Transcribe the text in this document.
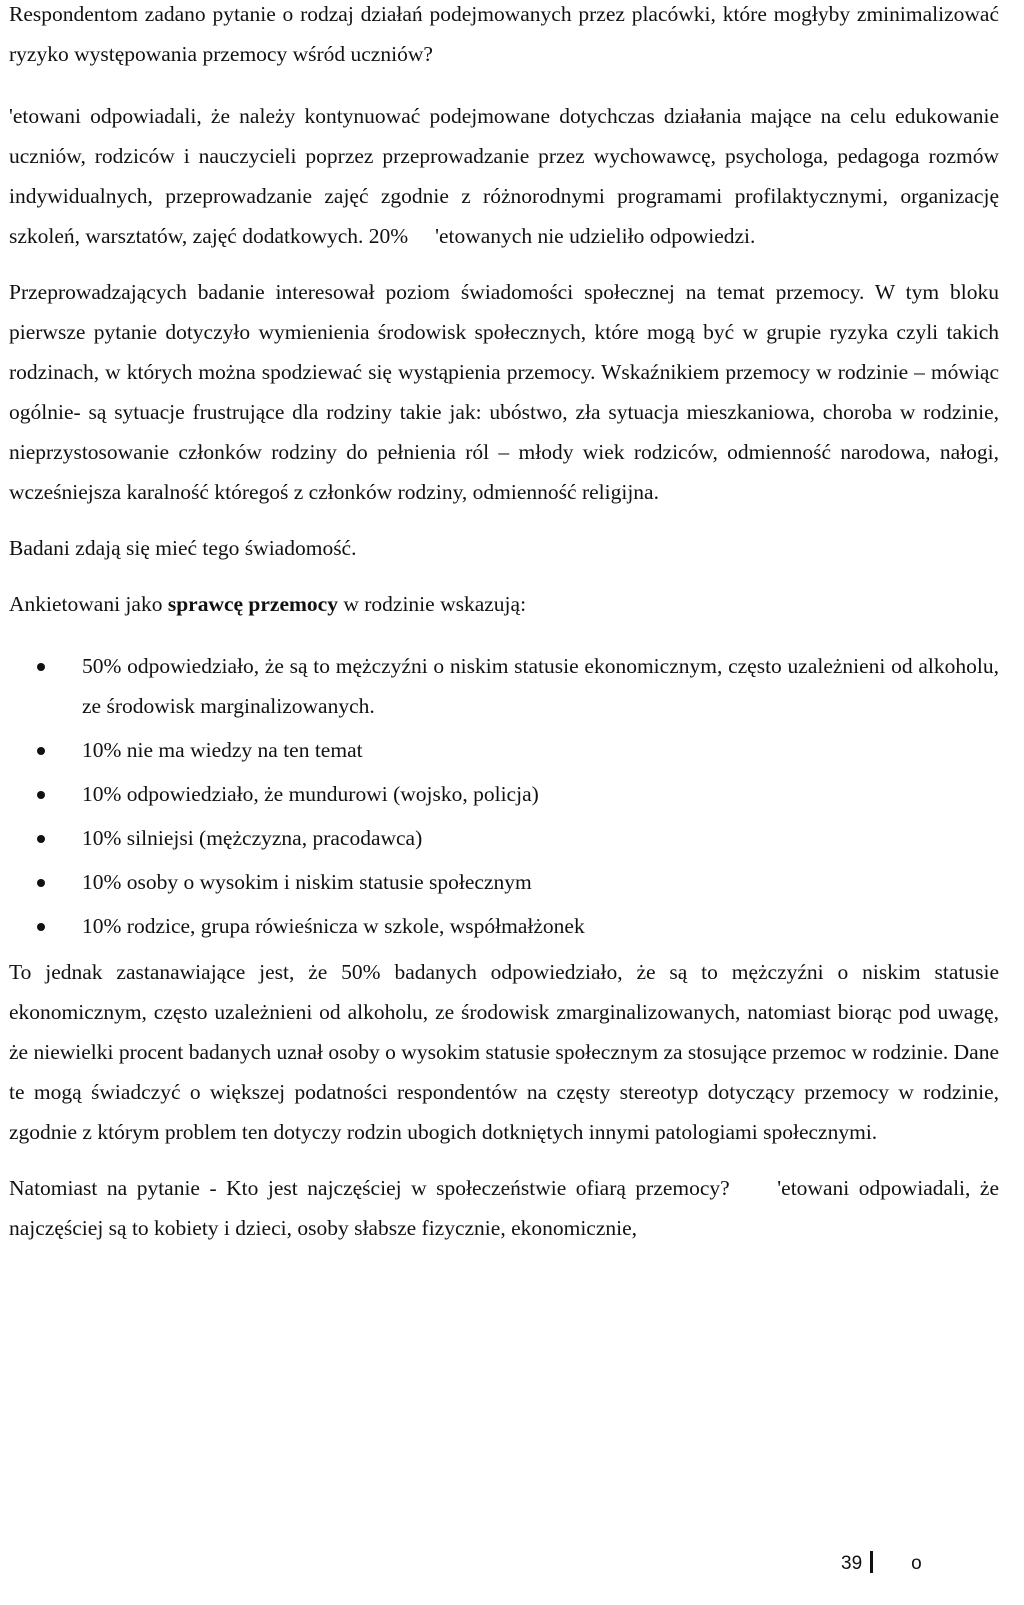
Respondentom zadano pytanie o rodzaj działań podejmowanych przez placówki, które mogłyby zminimalizować ryzyko występowania przemocy wśród uczniów?

'etowani odpowiadali, że należy kontynuować podejmowane dotychczas działania mające na celu edukowanie uczniów, rodziców i nauczycieli poprzez przeprowadzanie przez wychowawcę, psychologa, pedagoga rozmów indywidualnych, przeprowadzanie zajęć zgodnie z różnorodnymi programami profilaktycznymi, organizację szkoleń, warsztatów, zajęć dodatkowych. 20%     'etowanych nie udzieliło odpowiedzi.

Przeprowadzających badanie interesował poziom świadomości społecznej na temat przemocy. W tym bloku pierwsze pytanie dotyczyło wymienienia środowisk społecznych, które mogą być w grupie ryzyka czyli takich rodzinach, w których można spodziewać się wystąpienia przemocy. Wskaźnikiem przemocy w rodzinie – mówiąc ogólnie- są sytuacje frustrujące dla rodziny takie jak: ubóstwo, zła sytuacja mieszkaniowa, choroba w rodzinie, nieprzystosowanie członków rodziny do pełnienia ról – młody wiek rodziców, odmienność narodowa, nałogi, wcześniejsza karalność któregoś z członków rodziny, odmienność religijna.

Badani zdają się mieć tego świadomość.

Ankietowani jako sprawcę przemocy w rodzinie wskazują:

50% odpowiedziało, że są to mężczyźni o niskim statusie ekonomicznym, często uzależnieni od alkoholu, ze środowisk marginalizowanych.
10% nie ma wiedzy na ten temat
10% odpowiedziało, że mundurowi (wojsko, policja)
10% silniejsi (mężczyzna, pracodawca)
10% osoby o wysokim i niskim statusie społecznym
10% rodzice, grupa rówieśnicza w szkole, współmałżonek

To jednak zastanawiające jest, że 50% badanych odpowiedziało, że są to mężczyźni o niskim statusie ekonomicznym, często uzależnieni od alkoholu, ze środowisk zmarginalizowanych, natomiast biorąc pod uwagę, że niewielki procent badanych uznał osoby o wysokim statusie społecznym za stosujące przemoc w rodzinie. Dane te mogą świadczyć o większej podatności respondentów na częsty stereotyp dotyczący przemocy w rodzinie, zgodnie z którym problem ten dotyczy rodzin ubogich dotkniętych innymi patologiami społecznymi.

Natomiast na pytanie - Kto jest najczęściej w społeczeństwie ofiarą przemocy?     'etowani odpowiadali, że najczęściej są to kobiety i dzieci, osoby słabsze fizycznie, ekonomicznie,

39	o
